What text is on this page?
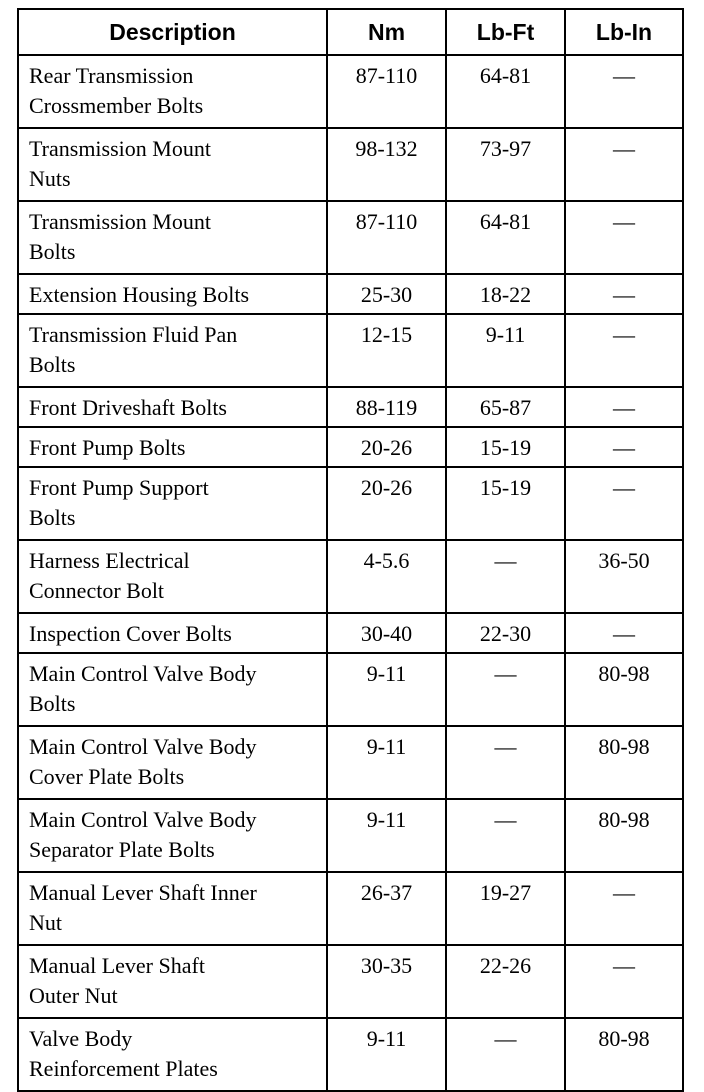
Description	Nm	Lb-Ft	Lb-In

Rear Transmission
Crossmember Bolts	87-110	64-81	—

Transmission Mount
Nuts	98-132	73-97	—

Transmission Mount
Bolts	87-110	64-81	—

Extension Housing Bolts	25-30	18-22	—

Transmission Fluid Pan
Bolts	12-15	9-11	—

Front Driveshaft Bolts	88-119	65-87	—

Front Pump Bolts	20-26	15-19	—

Front Pump Support
Bolts	20-26	15-19	—

Harness Electrical
Connector Bolt	4-5.6	—	36-50

Inspection Cover Bolts	30-40	22-30	—

Main Control Valve Body
Bolts	9-11	—	80-98

Main Control Valve Body
Cover Plate Bolts	9-11	—	80-98

Main Control Valve Body
Separator Plate Bolts	9-11	—	80-98

Manual Lever Shaft Inner
Nut	26-37	19-27	—

Manual Lever Shaft
Outer Nut	30-35	22-26	—

Valve Body
Reinforcement Plates	9-11	—	80-98
